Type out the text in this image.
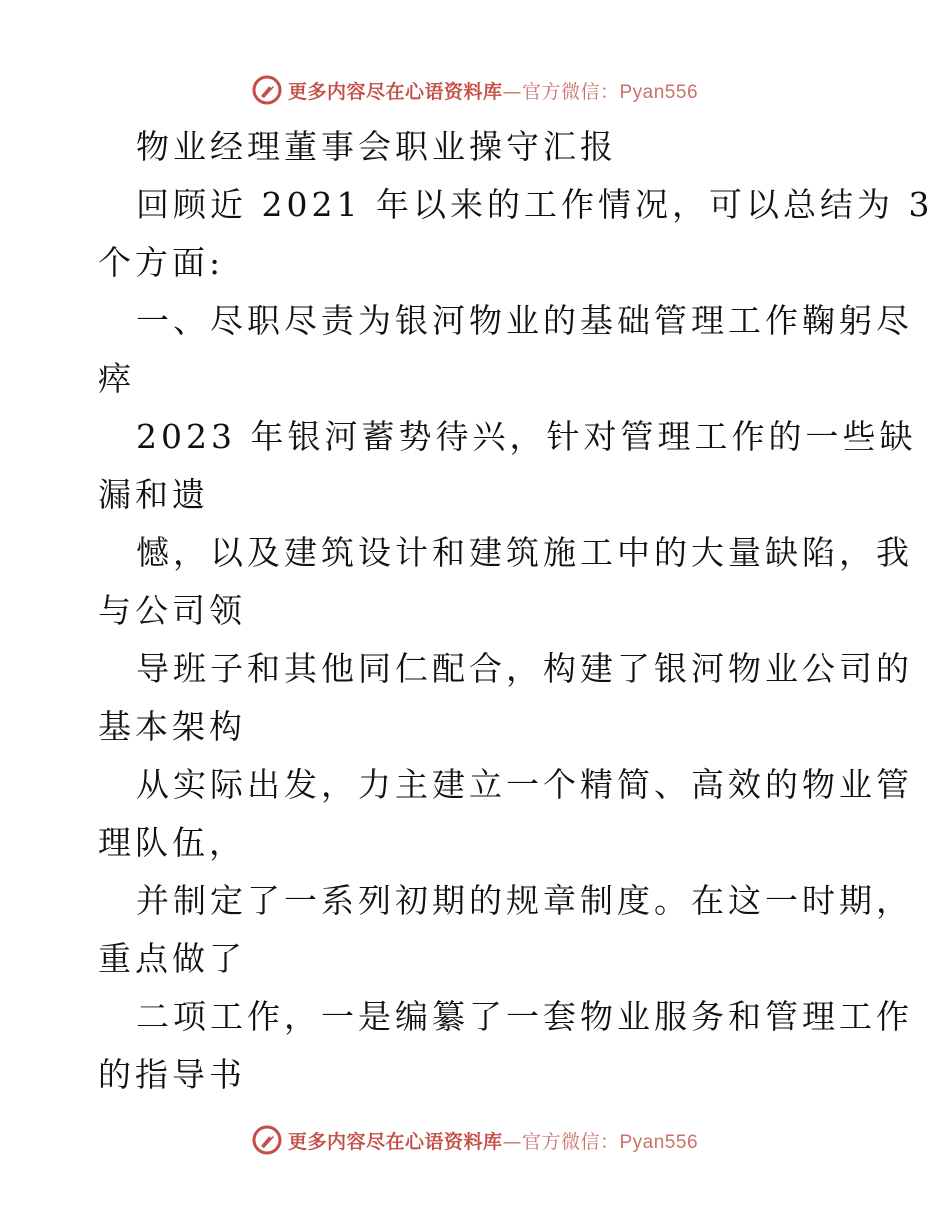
更多内容尽在心语资料库—官方微信：Pyan556
物业经理董事会职业操守汇报
回顾近 2021 年以来的工作情况，可以总结为 3
个方面:
一、尽职尽责为银河物业的基础管理工作鞠躬尽
瘁
2023 年银河蓄势待兴，针对管理工作的一些缺
漏和遗
憾，以及建筑设计和建筑施工中的大量缺陷，我
与公司领
导班子和其他同仁配合，构建了银河物业公司的
基本架构
从实际出发，力主建立一个精简、高效的物业管
理队伍，
并制定了一系列初期的规章制度。在这一时期，
重点做了
二项工作，一是编纂了一套物业服务和管理工作
的指导书
更多内容尽在心语资料库—官方微信：Pyan556
